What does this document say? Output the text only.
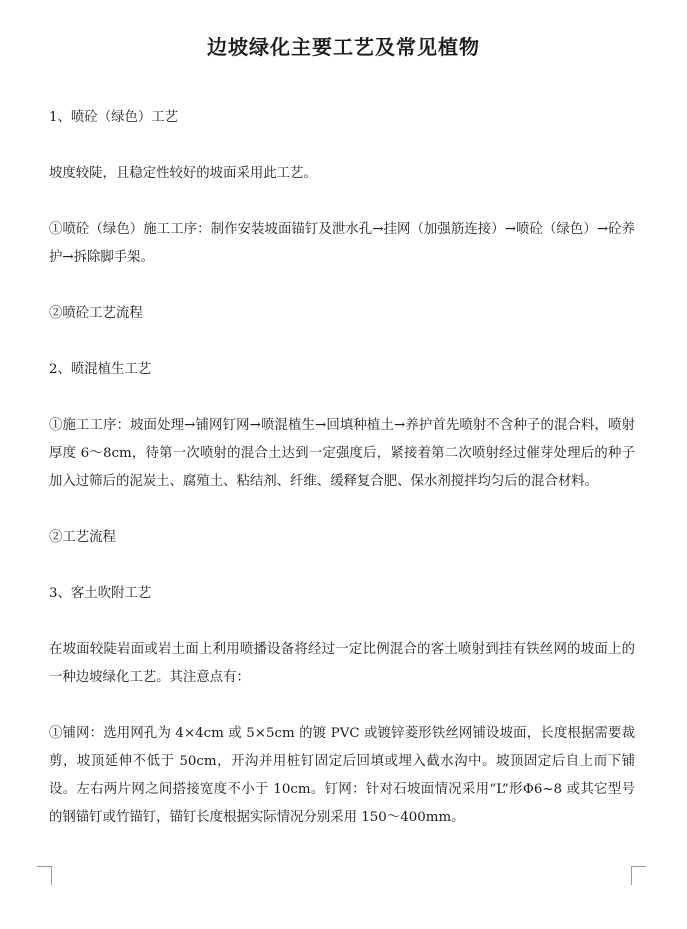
边坡绿化主要工艺及常见植物

1、喷砼（绿色）工艺

坡度较陡，且稳定性较好的坡面采用此工艺。

①喷砼（绿色）施工工序：制作安装坡面锚钉及泄水孔→挂网（加强筋连接）→喷砼（绿色）→砼养护→拆除脚手架。

②喷砼工艺流程

2、喷混植生工艺

①施工工序：坡面处理→铺网钉网→喷混植生→回填种植土→养护首先喷射不含种子的混合料，喷射厚度 6～8cm，待第一次喷射的混合土达到一定强度后，紧接着第二次喷射经过催芽处理后的种子加入过筛后的泥炭土、腐殖土、粘结剂、纤维、缓释复合肥、保水剂搅拌均匀后的混合材料。

②工艺流程

3、客土吹附工艺

在坡面较陡岩面或岩土面上利用喷播设备将经过一定比例混合的客土喷射到挂有铁丝网的坡面上的一种边坡绿化工艺。其注意点有：

①铺网：选用网孔为 4×4cm 或 5×5cm 的镀 PVC 或镀锌菱形铁丝网铺设坡面，长度根据需要裁剪，坡顶延伸不低于 50cm，开沟并用桩钉固定后回填或埋入截水沟中。坡顶固定后自上而下铺设。左右两片网之间搭接宽度不小于 10cm。钉网：针对石坡面情况采用“L”形Φ6~8 或其它型号的钢锚钉或竹锚钉，锚钉长度根据实际情况分别采用 150～400mm。
